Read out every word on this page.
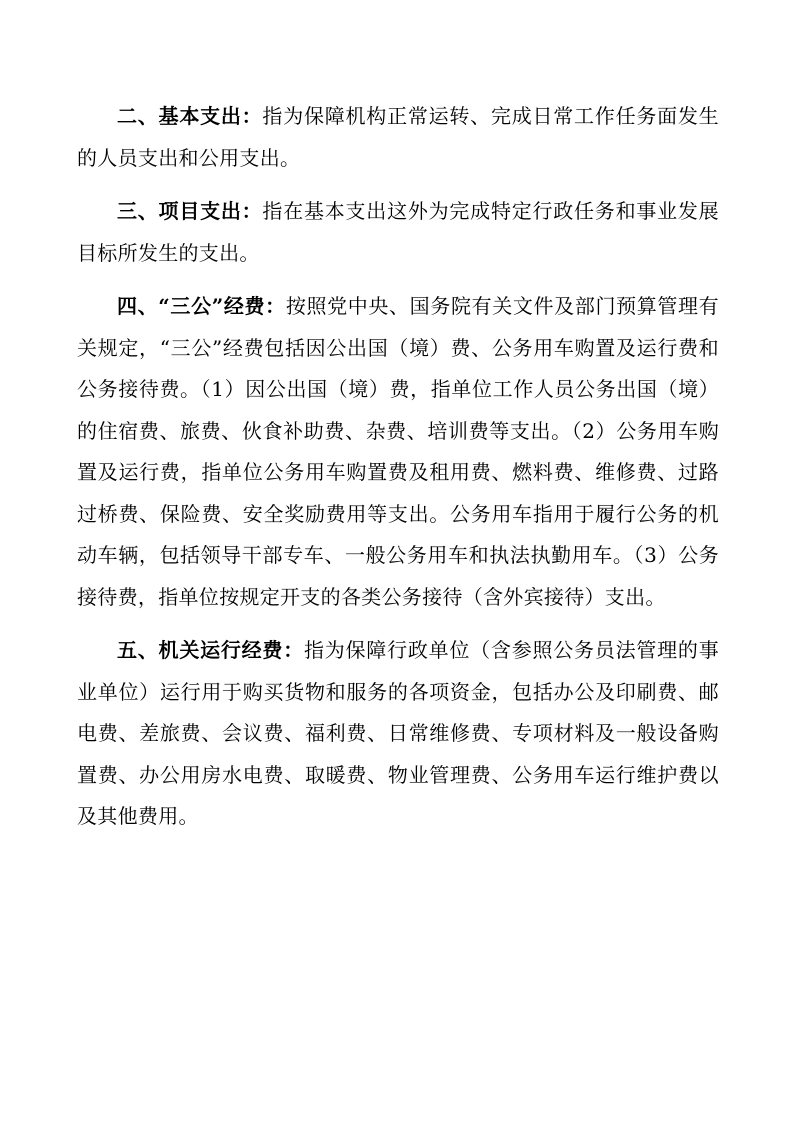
二、基本支出：指为保障机构正常运转、完成日常工作任务面发生的人员支出和公用支出。

三、项目支出：指在基本支出这外为完成特定行政任务和事业发展目标所发生的支出。

四、“三公”经费：按照党中央、国务院有关文件及部门预算管理有关规定，“三公”经费包括因公出国（境）费、公务用车购置及运行费和公务接待费。（1）因公出国（境）费，指单位工作人员公务出国（境）的住宿费、旅费、伙食补助费、杂费、培训费等支出。（2）公务用车购置及运行费，指单位公务用车购置费及租用费、燃料费、维修费、过路过桥费、保险费、安全奖励费用等支出。公务用车指用于履行公务的机动车辆，包括领导干部专车、一般公务用车和执法执勤用车。（3）公务接待费，指单位按规定开支的各类公务接待（含外宾接待）支出。

五、机关运行经费：指为保障行政单位（含参照公务员法管理的事业单位）运行用于购买货物和服务的各项资金，包括办公及印刷费、邮电费、差旅费、会议费、福利费、日常维修费、专项材料及一般设备购置费、办公用房水电费、取暖费、物业管理费、公务用车运行维护费以及其他费用。
